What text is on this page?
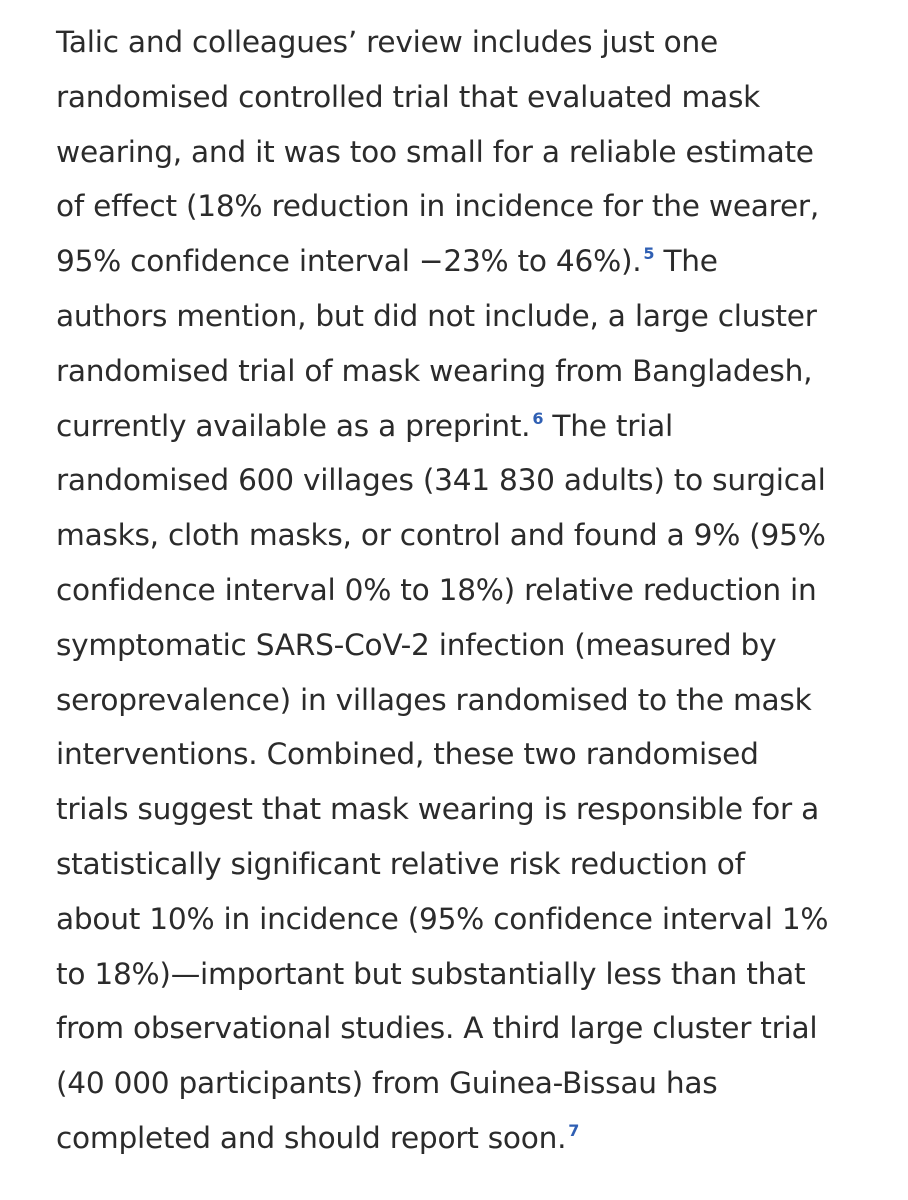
Talic and colleagues’ review includes just one
randomised controlled trial that evaluated mask
wearing, and it was too small for a reliable estimate
of effect (18% reduction in incidence for the wearer,
95% confidence interval −23% to 46%). $^5$ The
authors mention, but did not include, a large cluster
randomised trial of mask wearing from Bangladesh,
currently available as a preprint. $^6$ The trial
randomised 600 villages (341 830 adults) to surgical
masks, cloth masks, or control and found a 9% (95%
confidence interval 0% to 18%) relative reduction in
symptomatic SARS-CoV-2 infection (measured by
seroprevalence) in villages randomised to the mask
interventions. Combined, these two randomised
trials suggest that mask wearing is responsible for a
statistically significant relative risk reduction of
about 10% in incidence (95% confidence interval 1%
to 18%)—important but substantially less than that
from observational studies. A third large cluster trial
(40 000 participants) from Guinea-Bissau has
completed and should report soon. $^7$
